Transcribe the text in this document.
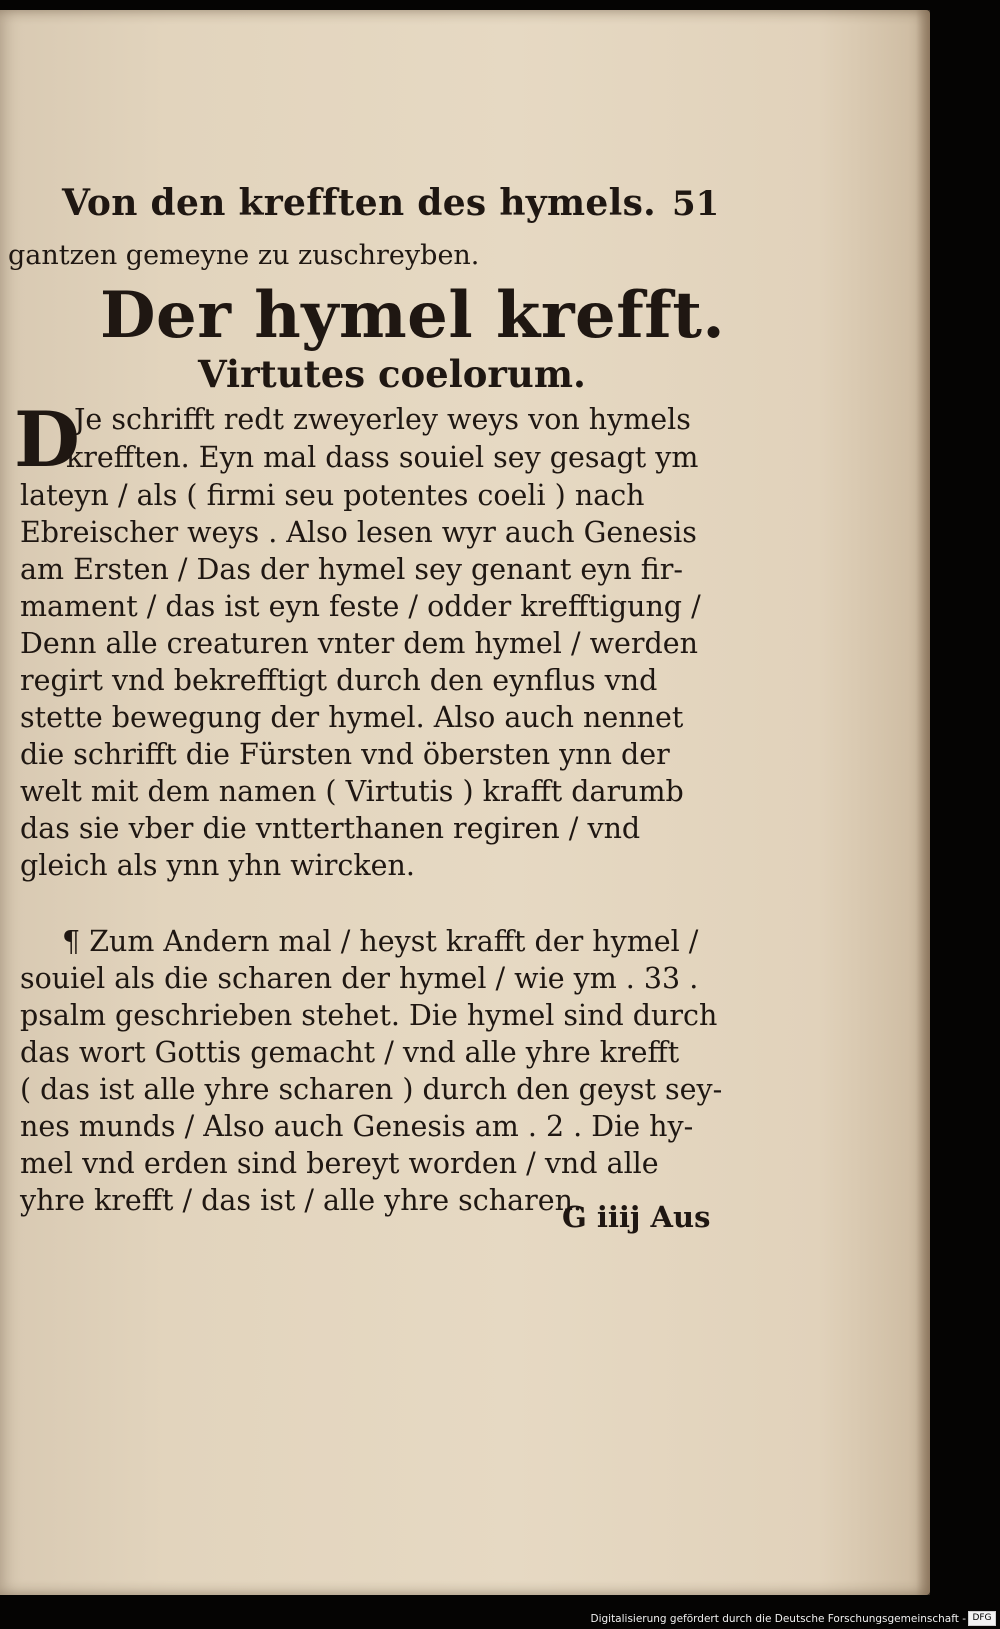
Von den krefften des hymels. 51
gantzen gemeyne zu zuschreyben.
Der hymel krefft.
Virtutes coelorum.
D
Je schrifft redt zweyerley weys von hymels
krefften. Eyn mal dass souiel sey gesagt ym
lateyn / als ( firmi seu potentes coeli ) nach
Ebreischer weys . Also lesen wyr auch Genesis
am Ersten / Das der hymel sey genant eyn fir-
mament / das ist eyn feste / odder krefftigung /
Denn alle creaturen vnter dem hymel / werden
regirt vnd bekrefftigt durch den eynflus vnd
stette bewegung der hymel. Also auch nennet
die schrifft die Fürsten vnd öbersten ynn der
welt mit dem namen ( Virtutis ) krafft darumb
das sie vber die vntterthanen regiren / vnd
gleich als ynn yhn wircken.
¶ Zum Andern mal / heyst krafft der hymel /
souiel als die scharen der hymel / wie ym . 33 .
psalm geschrieben stehet. Die hymel sind durch
das wort Gottis gemacht / vnd alle yhre krefft
( das ist alle yhre scharen ) durch den geyst sey-
nes munds / Also auch Genesis am . 2 . Die hy-
mel vnd erden sind bereyt worden / vnd alle
yhre krefft / das ist / alle yhre scharen.
G iiij Aus
Digitalisierung gefördert durch die Deutsche Forschungsgemeinschaft - DFG
